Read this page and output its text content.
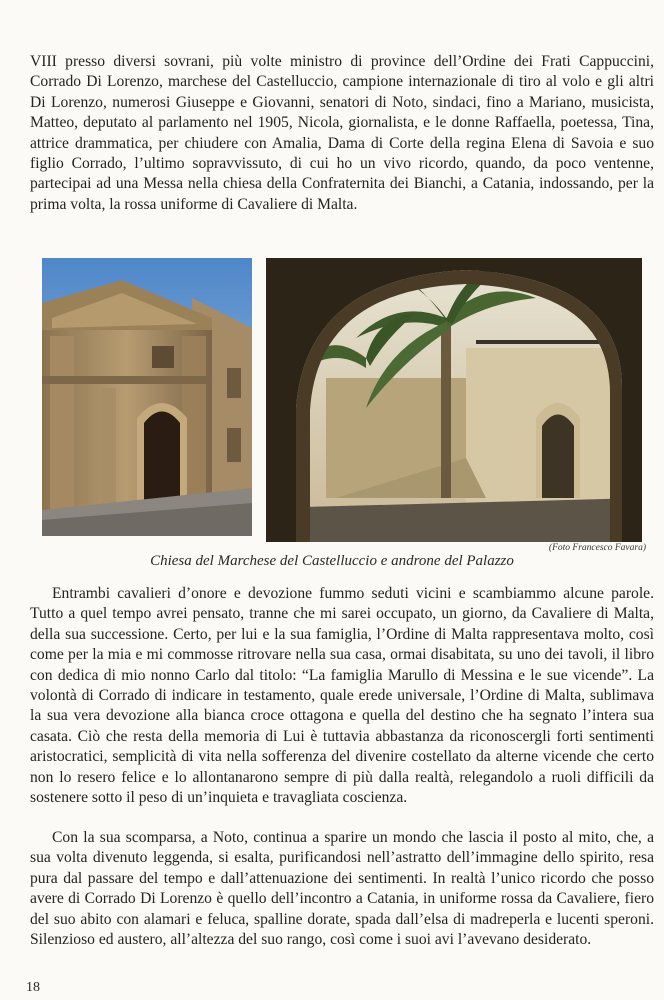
VIII presso diversi sovrani, più volte ministro di province dell’Ordine dei Frati Cappuccini, Corrado Di Lorenzo, marchese del Castelluccio, campione internazionale di tiro al volo e gli altri Di Lorenzo, numerosi Giuseppe e Giovanni, senatori di Noto, sindaci, fino a Mariano, musicista, Matteo, deputato al parlamento nel 1905, Nicola, giornalista, e le donne Raffaella, poetessa, Tina, attrice drammatica, per chiudere con Amalia, Dama di Corte della regina Elena di Savoia e suo figlio Corrado, l’ultimo sopravvissuto, di cui ho un vivo ricordo, quando, da poco ventenne, partecipai ad una Messa nella chiesa della Confraternita dei Bianchi, a Catania, indossando, per la prima volta, la rossa uniforme di Cavaliere di Malta.

(Foto Francesco Favara)
Chiesa del Marchese del Castelluccio e androne del Palazzo

Entrambi cavalieri d’onore e devozione fummo seduti vicini e scambiammo alcune parole. Tutto a quel tempo avrei pensato, tranne che mi sarei occupato, un giorno, da Cavaliere di Malta, della sua successione. Certo, per lui e la sua famiglia, l’Ordine di Malta rappresentava molto, così come per la mia e mi commosse ritrovare nella sua casa, ormai disabitata, su uno dei tavoli, il libro con dedica di mio nonno Carlo dal titolo: “La famiglia Marullo di Messina e le sue vicende”. La volontà di Corrado di indicare in testamento, quale erede universale, l’Ordine di Malta, sublimava la sua vera devozione alla bianca croce ottagona e quella del destino che ha segnato l’intera sua casata. Ciò che resta della memoria di Lui è tuttavia abbastanza da riconoscergli forti sentimenti aristocratici, semplicità di vita nella sofferenza del divenire costellato da alterne vicende che certo non lo resero felice e lo allontanarono sempre di più dalla realtà, relegandolo a ruoli difficili da sostenere sotto il peso di un’inquieta e travagliata coscienza.

Con la sua scomparsa, a Noto, continua a sparire un mondo che lascia il posto al mito, che, a sua volta divenuto leggenda, si esalta, purificandosi nell’astratto dell’immagine dello spirito, resa pura dal passare del tempo e dall’attenuazione dei sentimenti. In realtà l’unico ricordo che posso avere di Corrado Di Lorenzo è quello dell’incontro a Catania, in uniforme rossa da Cavaliere, fiero del suo abito con alamari e feluca, spalline dorate, spada dall’elsa di madreperla e lucenti speroni. Silenzioso ed austero, all’altezza del suo rango, così come i suoi avi l’avevano desiderato.

18
